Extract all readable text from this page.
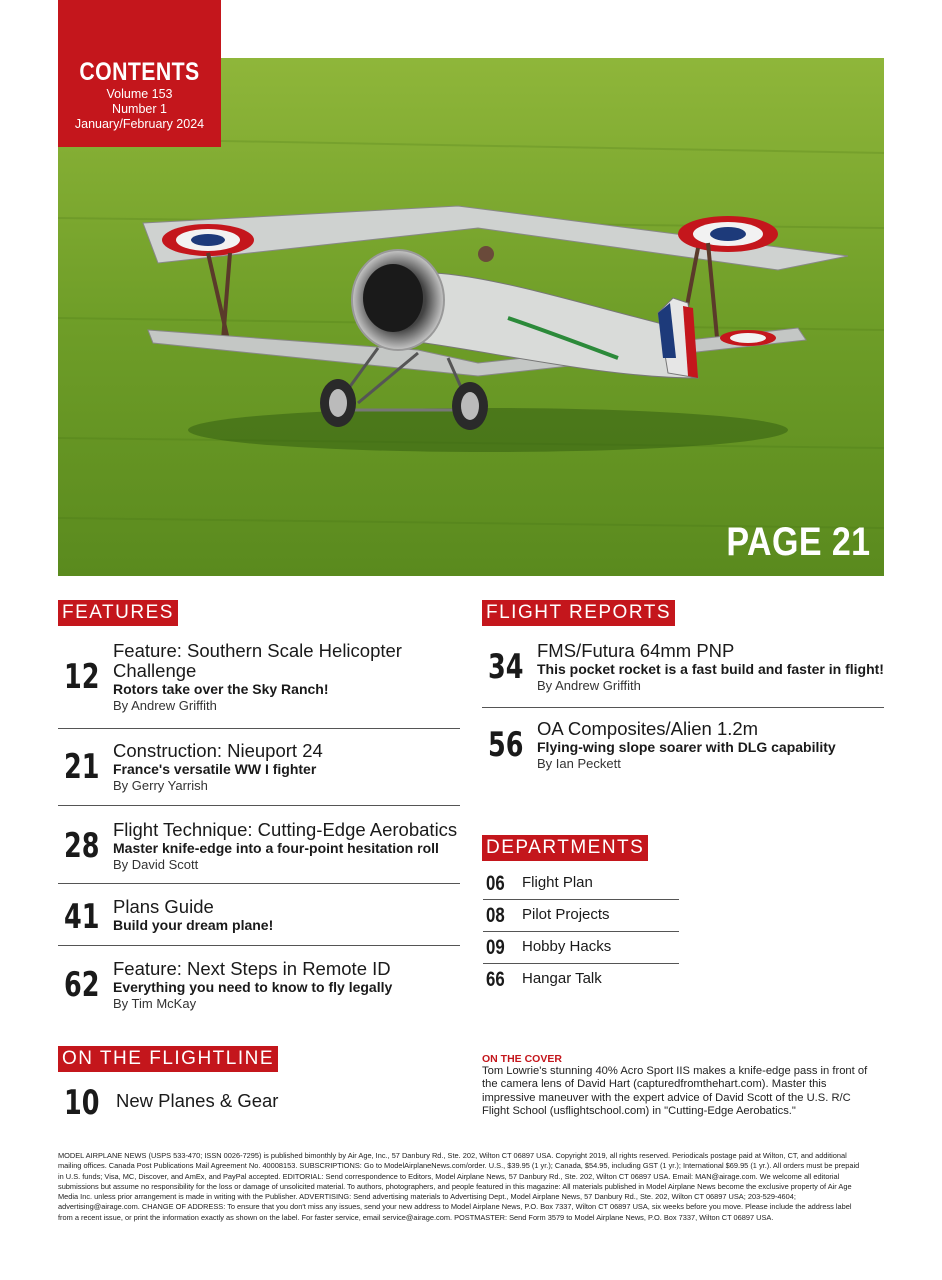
CONTENTS
Volume 153
Number 1
January/February 2024
PAGE 21
FEATURES
12
Feature: Southern Scale Helicopter Challenge
Rotors take over the Sky Ranch!
By Andrew Griffith
21 Construction: Nieuport 24
France's versatile WW I fighter
By Gerry Yarrish
28 Flight Technique: Cutting-Edge Aerobatics
Master knife-edge into a four-point hesitation roll
By David Scott
41 Plans Guide
Build your dream plane!
62 Feature: Next Steps in Remote ID
Everything you need to know to fly legally
By Tim McKay
ON THE FLIGHTLINE
10 New Planes & Gear
FLIGHT REPORTS
34 FMS/Futura 64mm PNP
This pocket rocket is a fast build and faster in flight!
By Andrew Griffith
56 OA Composites/Alien 1.2m
Flying-wing slope soarer with DLG capability
By Ian Peckett
DEPARTMENTS
06 Flight Plan
08 Pilot Projects
09 Hobby Hacks
66 Hangar Talk
ON THE COVER
Tom Lowrie's stunning 40% Acro Sport IIS makes a knife-edge pass in front of the camera lens of David Hart (capturedfromthehart.com). Master this impressive maneuver with the expert advice of David Scott of the U.S. R/C Flight School (usflightschool.com) in "Cutting-Edge Aerobatics."
MODEL AIRPLANE NEWS (USPS 533-470; ISSN 0026-7295) is published bimonthly by Air Age, Inc., 57 Danbury Rd., Ste. 202, Wilton CT 06897 USA. Copyright 2019, all rights reserved. Periodicals postage paid at Wilton, CT, and additional mailing offices. Canada Post Publications Mail Agreement No. 40008153. SUBSCRIPTIONS: Go to ModelAirplaneNews.com/order. U.S., $39.95 (1 yr.); Canada, $54.95, including GST (1 yr.); International $69.95 (1 yr.). All orders must be prepaid in U.S. funds; Visa, MC, Discover, and AmEx, and PayPal accepted. EDITORIAL: Send correspondence to Editors, Model Airplane News, 57 Danbury Rd., Ste. 202, Wilton CT 06897 USA. Email: MAN@airage.com. We welcome all editorial submissions but assume no responsibility for the loss or damage of unsolicited material. To authors, photographers, and people featured in this magazine: All materials published in Model Airplane News become the exclusive property of Air Age Media Inc. unless prior arrangement is made in writing with the Publisher. ADVERTISING: Send advertising materials to Advertising Dept., Model Airplane News, 57 Danbury Rd., Ste. 202, Wilton CT 06897 USA; 203-529-4604; advertising@airage.com. CHANGE OF ADDRESS: To ensure that you don't miss any issues, send your new address to Model Airplane News, P.O. Box 7337, Wilton CT 06897 USA, six weeks before you move. Please include the address label from a recent issue, or print the information exactly as shown on the label. For faster service, email service@airage.com. POSTMASTER: Send Form 3579 to Model Airplane News, P.O. Box 7337, Wilton CT 06897 USA.
